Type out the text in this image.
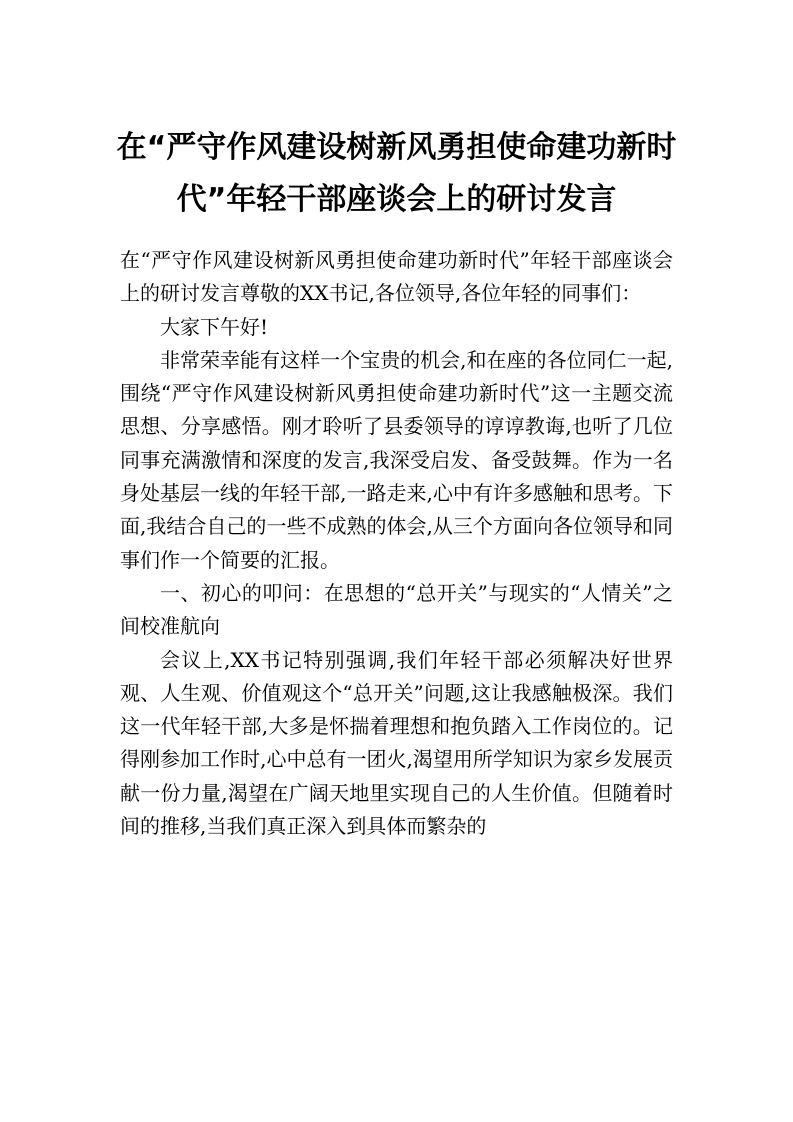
在“严守作风建设树新风勇担使命建功新时代”年轻干部座谈会上的研讨发言

在“严守作风建设树新风勇担使命建功新时代”年轻干部座谈会上的研讨发言尊敬的XX书记,各位领导,各位年轻的同事们：

大家下午好!

非常荣幸能有这样一个宝贵的机会,和在座的各位同仁一起,围绕“严守作风建设树新风勇担使命建功新时代”这一主题交流思想、分享感悟。刚才聆听了县委领导的谆谆教诲,也听了几位同事充满激情和深度的发言,我深受启发、备受鼓舞。作为一名身处基层一线的年轻干部,一路走来,心中有许多感触和思考。下面,我结合自己的一些不成熟的体会,从三个方面向各位领导和同事们作一个简要的汇报。

一、初心的叩问：在思想的“总开关”与现实的“人情关”之间校准航向

会议上,XX书记特别强调,我们年轻干部必须解决好世界观、人生观、价值观这个“总开关”问题,这让我感触极深。我们这一代年轻干部,大多是怀揣着理想和抱负踏入工作岗位的。记得刚参加工作时,心中总有一团火,渴望用所学知识为家乡发展贡献一份力量,渴望在广阔天地里实现自己的人生价值。但随着时间的推移,当我们真正深入到具体而繁杂的
